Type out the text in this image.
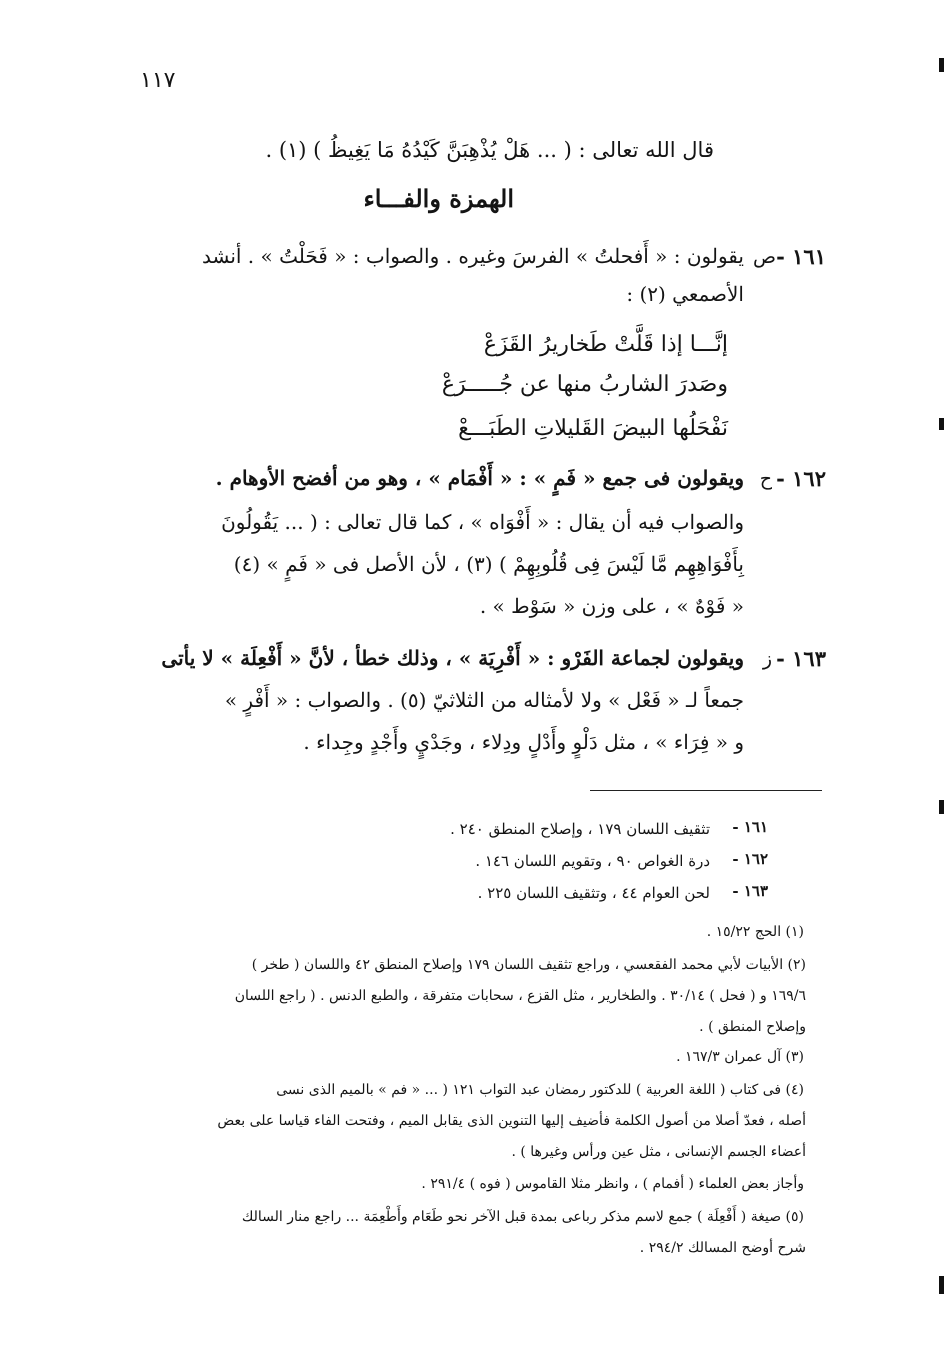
١١٧
قال الله تعالى : ( ... هَلْ يُذْهِبَنَّ كَيْدُهُ مَا يَغِيظُ ) (١) .
الهمزة والفـــاء
١٦١ -
ص
يقولون : « أَفحلتُ » الفرسَ وغيره . والصواب : « فَحَلْتُ » . أنشد
الأصمعي (٢) :
إنَّـــا إذا قَلَّتْ طَخاريرُ القَزَعْ
وصَدرَ الشاربُ منها عن جُـــــرَعْ
نَفْحَلُها البيضَ القَليلاتِ الطَبَـــعْ
١٦٢ -
ح
ويقولون فى جمع « فَمٍ » : « أَفْمَام » ، وهو من أفضح الأوهام .
والصواب فيه أن يقال : « أَفْوَاه » ، كما قال تعالى : ( ... يَقُولُونَ
بِأَفْوَاهِهِم مَّا لَيْسَ فِى قُلُوبِهِمْ ) (٣) ، لأن الأصل فى « فَمٍ » (٤)
« فَوْهٌ » ، على وزن « سَوْط » .
١٦٣ -
ز
ويقولون لجماعة الفَرْو : « أَفْرِيَة » ، وذلك خطأ ، لأنَّ « أَفْعِلَة » لا يأتى
جمعاً لـ « فَعْل » ولا لأمثاله من الثلاثيّ (٥) . والصواب : « أَفْرٍ »
و « فِرَاء » ، مثل دَلْوٍ وأَدْلٍ ودِلاء ، وجَدْيٍ وأَجْدٍ وجِداء .
١٦١ -
تثقيف اللسان ١٧٩ ، وإصلاح المنطق ٢٤٠ .
١٦٢ -
درة الغواص ٩٠ ، وتقويم اللسان ١٤٦ .
١٦٣ -
لحن العوام ٤٤ ، وتثقيف اللسان ٢٢٥ .
(١) الحج ١٥/٢٢ .
(٢) الأبيات لأبي محمد الفقعسي ، وراجع تثقيف اللسان ١٧٩ وإصلاح المنطق ٤٢ واللسان ( طخر )
١٦٩/٦ و ( فحل ) ٣٠/١٤ . والطخارير ، مثل القزع ، سحابات متفرقة ، والطبع الدنس . ( راجع اللسان
وإصلاح المنطق ) .
(٣) آل عمران ١٦٧/٣ .
(٤) فى كتاب ( اللغة العربية ) للدكتور رمضان عبد التواب ١٢١ ( ... « فم » بالميم الذى نسى
أصله ، فعدّ أصلا من أصول الكلمة فأضيف إليها التنوين الذى يقابل الميم ، وفتحت الفاء قياسا على بعض
أعضاء الجسم الإنسانى ، مثل عين ورأس وغيرها ) .
وأجاز بعض العلماء ( أفمام ) ، وانظر مثلا القاموس ( فوه ) ٢٩١/٤ .
(٥) صيغة ( أَفْعِلَة ) جمع لاسم مذكر رباعى بمدة قبل الآخر نحو طَعَام وأَطْعِمَة ... راجع منار السالك
شرح أوضح المسالك ٢٩٤/٢ .
